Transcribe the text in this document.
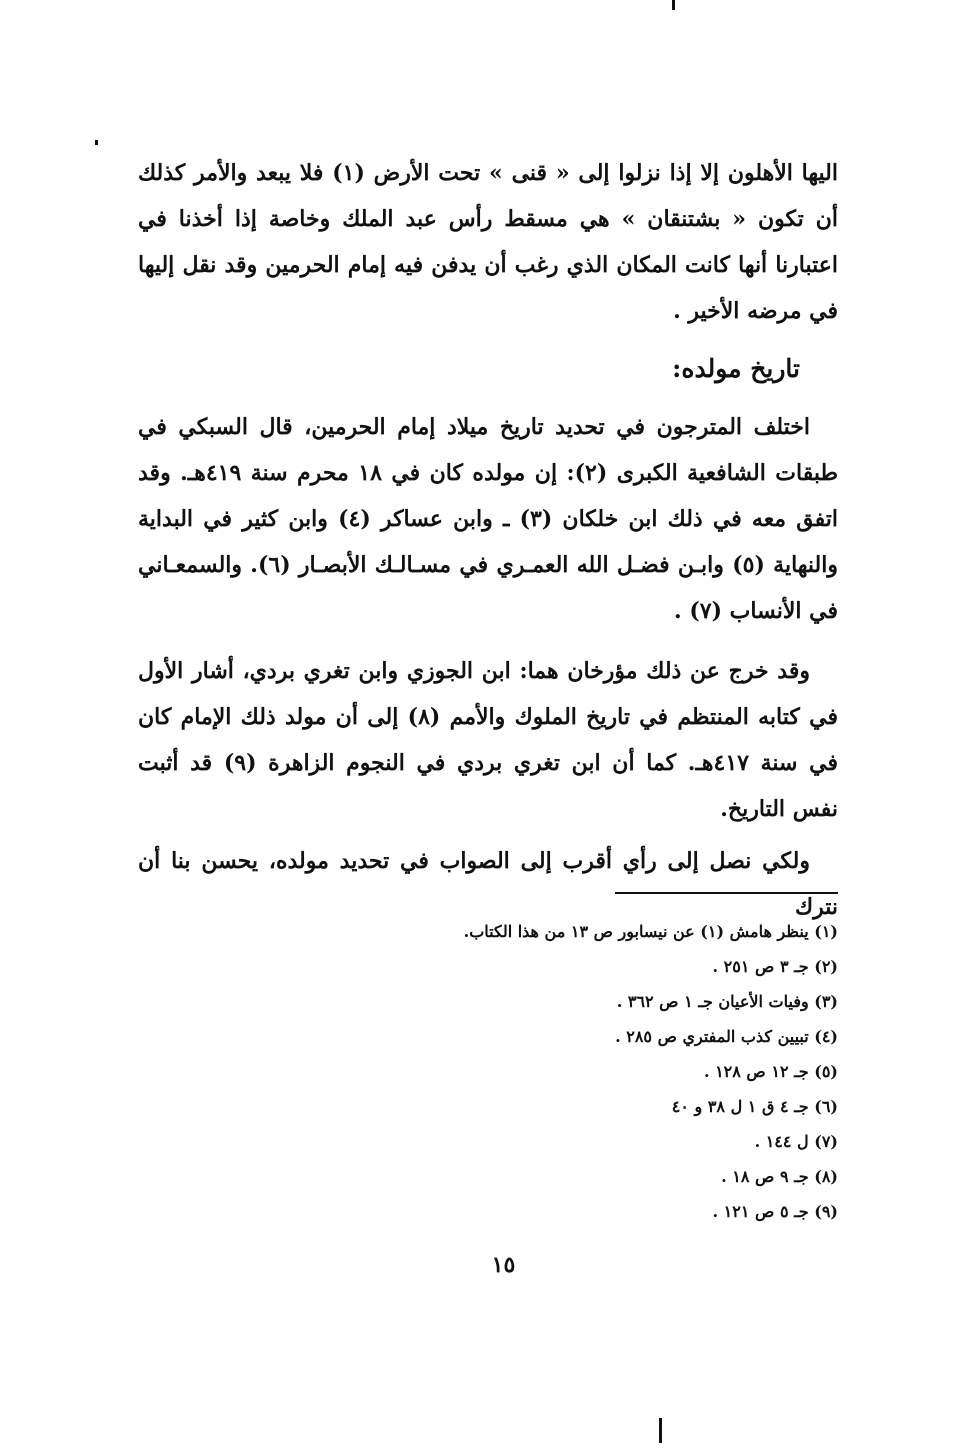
اليها الأهلون إلا إذا نزلوا إلى « قنى » تحت الأرض (١) فلا يبعد والأمر كذلك أن تكون « بشتنقان » هي مسقط رأس عبد الملك وخاصة إذا أخذنا في اعتبارنا أنها كانت المكان الذي رغب أن يدفن فيه إمام الحرمين وقد نقل إليها في مرضه الأخير .

تاريخ مولده:

اختلف المترجون في تحديد تاريخ ميلاد إمام الحرمين، قال السبكي في طبقات الشافعية الكبرى (٢): إن مولده كان في ١٨ محرم سنة ٤١٩هـ. وقد اتفق معه في ذلك ابن خلكان (٣) ـ وابن عساكر (٤) وابن كثير في البداية والنهاية (٥) وابـن فضـل الله العمـري في مسـالـك الأبصـار (٦). والسمعـاني في الأنساب (٧) .

وقد خرج عن ذلك مؤرخان هما: ابن الجوزي وابن تغري بردي، أشار الأول في كتابه المنتظم في تاريخ الملوك والأمم (٨) إلى أن مولد ذلك الإمام كان في سنة ٤١٧هـ. كما أن ابن تغري بردي في النجوم الزاهرة (٩) قد أثبت نفس التاريخ.

ولكي نصل إلى رأي أقرب إلى الصواب في تحديد مولده، يحسن بنا أن نترك

(١) ينظر هامش (١) عن نيسابور ص ١٣ من هذا الكتاب.
(٢) جـ ٣ ص ٢٥١ .
(٣) وفيات الأعيان جـ ١ ص ٣٦٢ .
(٤) تبيين كذب المفتري ص ٢٨٥ .
(٥) جـ ١٢ ص ١٢٨ .
(٦) جـ ٤ ق ١ ل ٣٨ و ٤٠
(٧) ل ١٤٤ .
(٨) جـ ٩ ص ١٨ .
(٩) جـ ٥ ص ١٢١ .
١٥
